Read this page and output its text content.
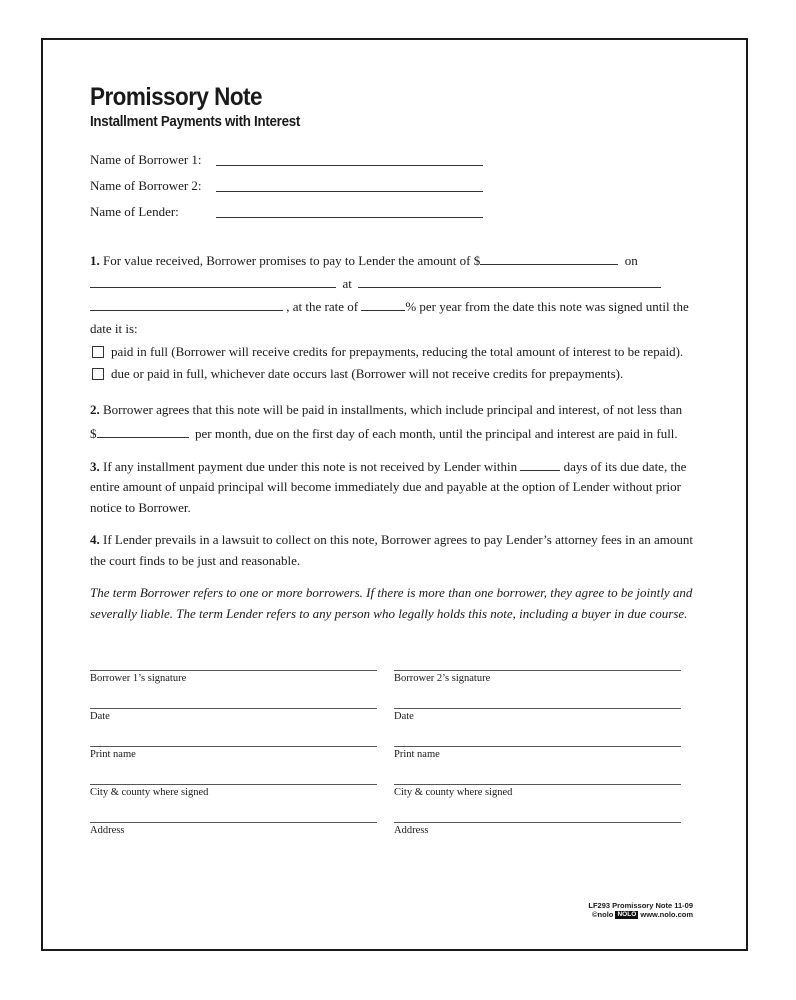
Promissory Note
Installment Payments with Interest
Name of Borrower 1:
Name of Borrower 2:
Name of Lender:
1. For value received, Borrower promises to pay to Lender the amount of $	on
at
, at the rate of	% per year from the date this note was signed until the
date it is:
paid in full (Borrower will receive credits for prepayments, reducing the total amount of interest to be repaid).
due or paid in full, whichever date occurs last (Borrower will not receive credits for prepayments).
2. Borrower agrees that this note will be paid in installments, which include principal and interest, of not less than
$	per month, due on the first day of each month, until the principal and interest are paid in full.
3. If any installment payment due under this note is not received by Lender within	days of its due date, the
entire amount of unpaid principal will become immediately due and payable at the option of Lender without prior
notice to Borrower.
4. If Lender prevails in a lawsuit to collect on this note, Borrower agrees to pay Lender’s attorney fees in an amount
the court finds to be just and reasonable.
The term Borrower refers to one or more borrowers. If there is more than one borrower, they agree to be jointly and
severally liable. The term Lender refers to any person who legally holds this note, including a buyer in due course.
Borrower 1’s signature
Date
Print name
City & county where signed
Address
Borrower 2’s signature
Date
Print name
City & county where signed
Address
LF293 Promissory Note 11-09
©nolo NOLO www.nolo.com
